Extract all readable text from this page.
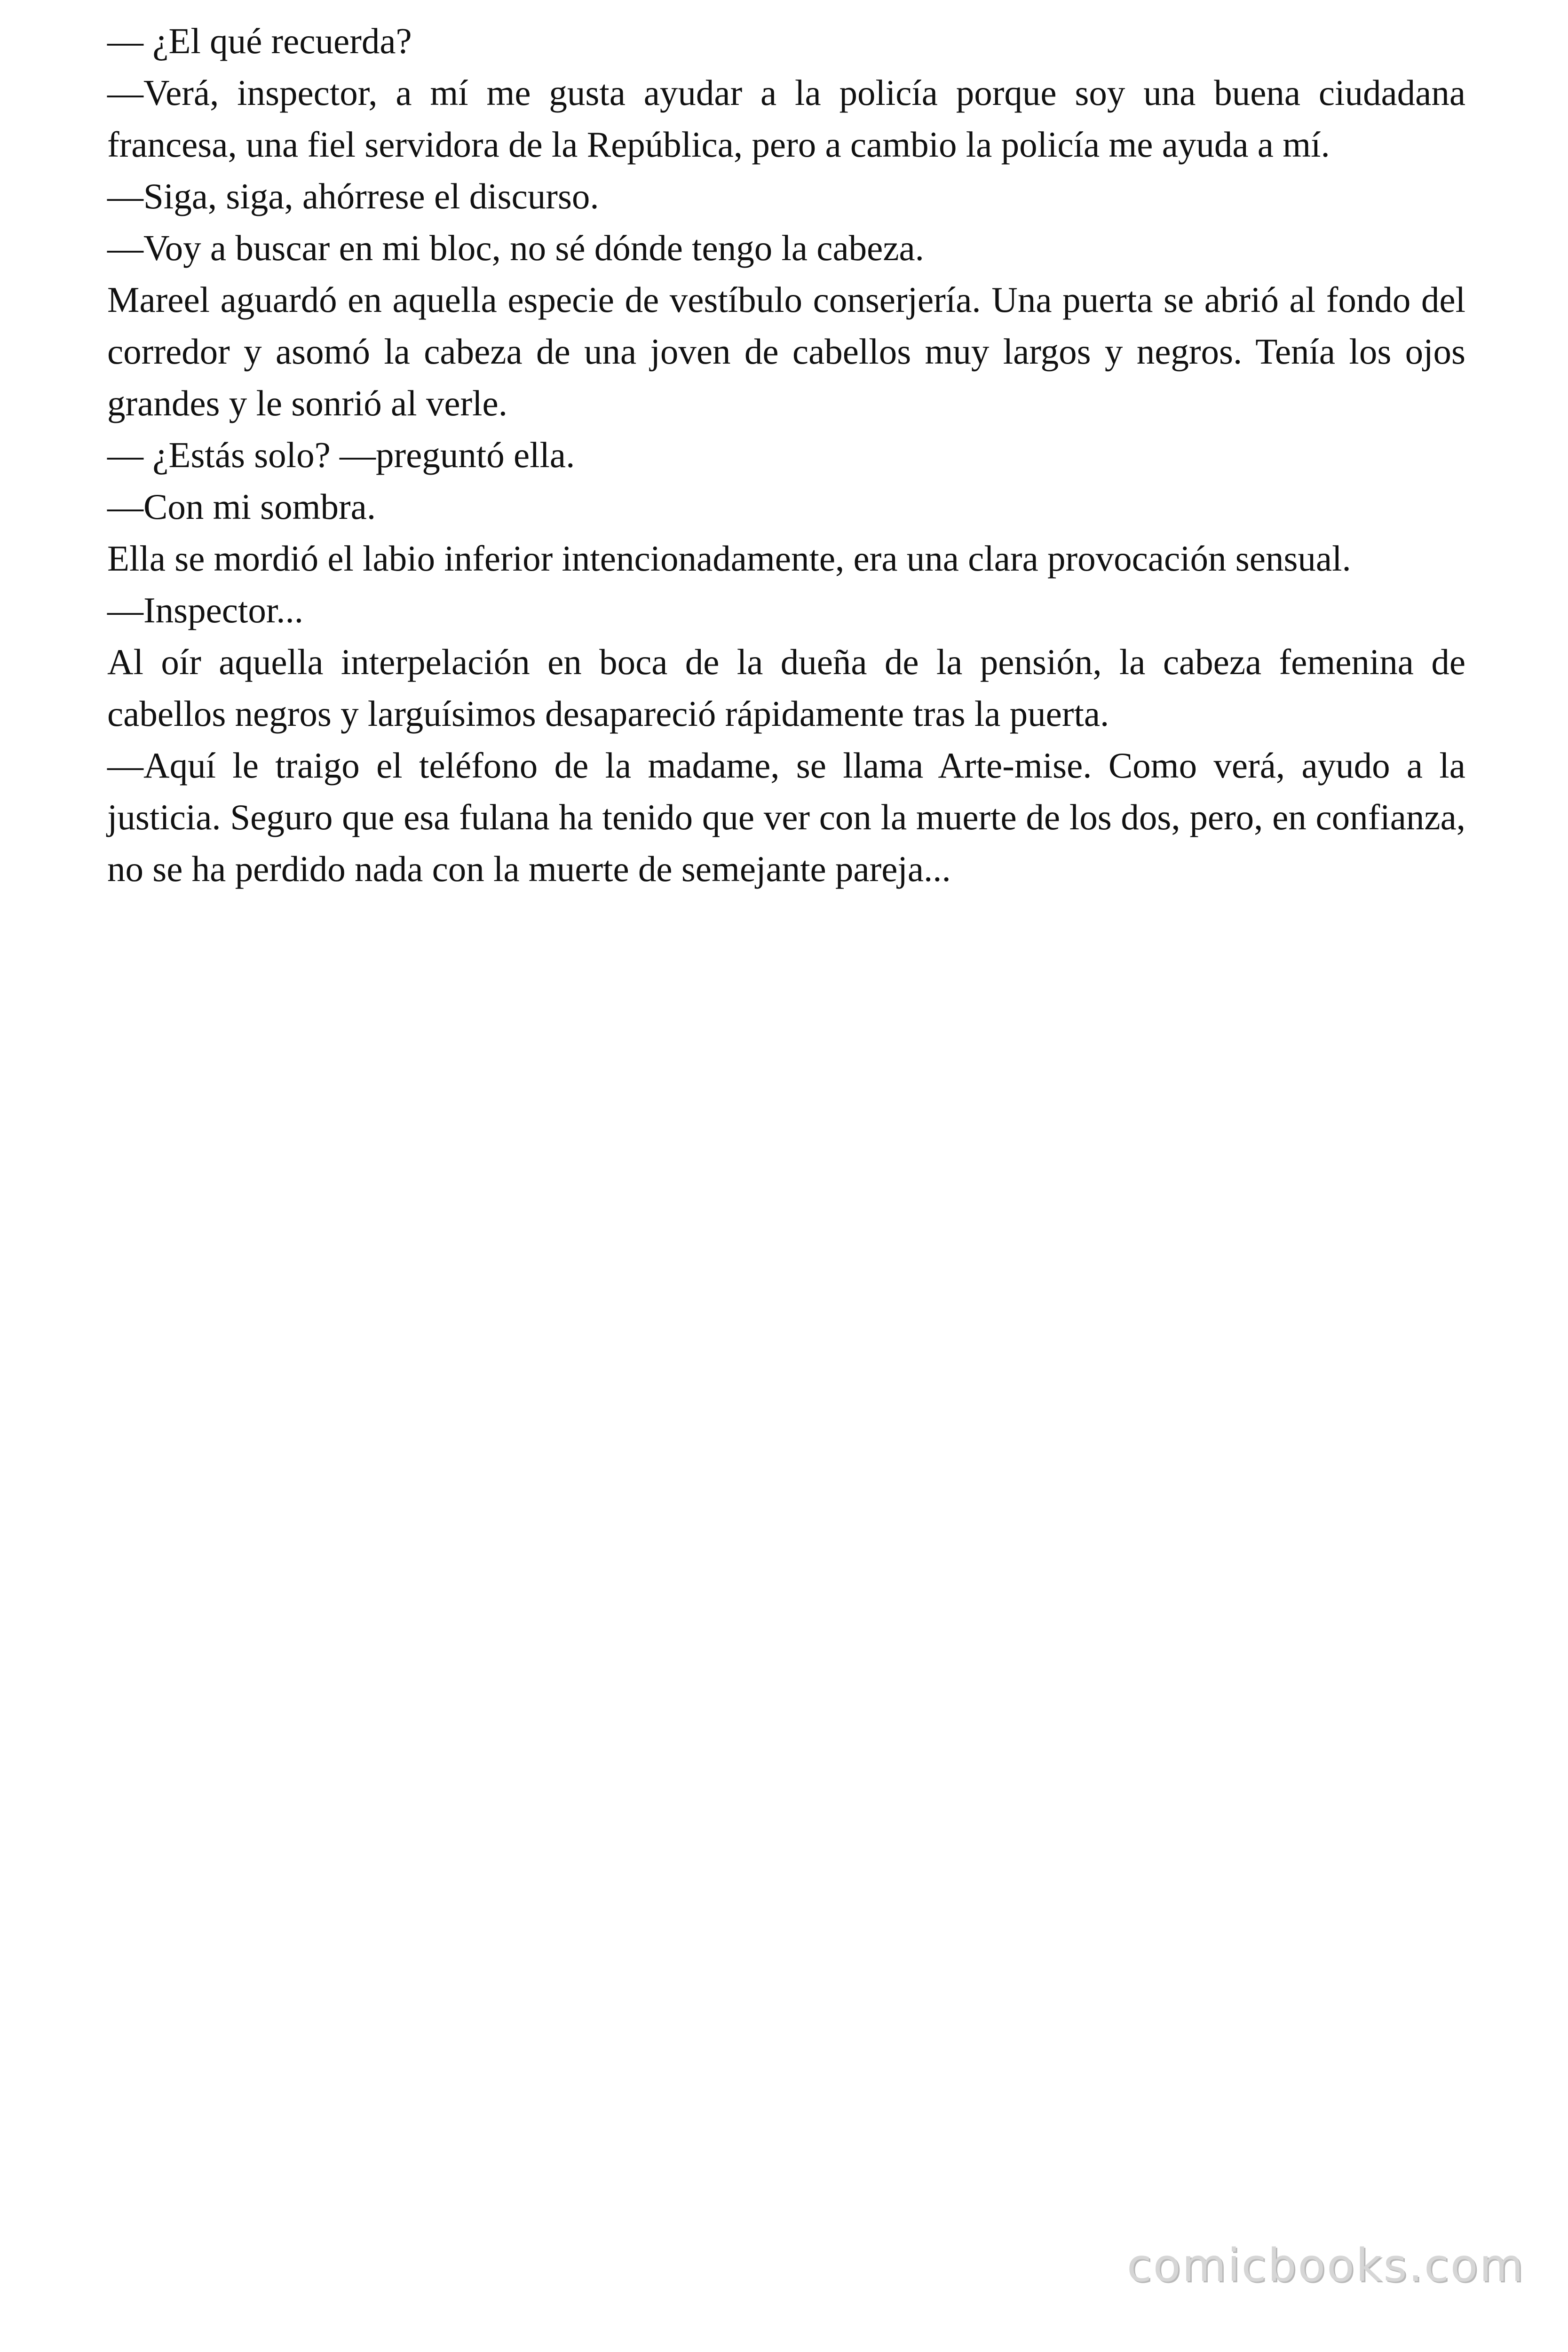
— ¿El qué recuerda?

—Verá, inspector, a mí me gusta ayudar a la policía porque soy una buena ciudadana francesa, una fiel servidora de la República, pero a cambio la policía me ayuda a mí.

—Siga, siga, ahórrese el discurso.

—Voy a buscar en mi bloc, no sé dónde tengo la cabeza.

Mareel aguardó en aquella especie de vestíbulo conserjería. Una puerta se abrió al fondo del corredor y asomó la cabeza de una joven de cabellos muy largos y negros. Tenía los ojos grandes y le sonrió al verle.

— ¿Estás solo? —preguntó ella.

—Con mi sombra.

Ella se mordió el labio inferior intencionadamente, era una clara provocación sensual.

—Inspector...

Al oír aquella interpelación en boca de la dueña de la pensión, la cabeza femenina de cabellos negros y larguísimos desapareció rápidamente tras la puerta.

—Aquí le traigo el teléfono de la madame, se llama Arte-mise. Como verá, ayudo a la justicia. Seguro que esa fulana ha tenido que ver con la muerte de los dos, pero, en confianza, no se ha perdido nada con la muerte de semejante pareja...

comicbooks.com
